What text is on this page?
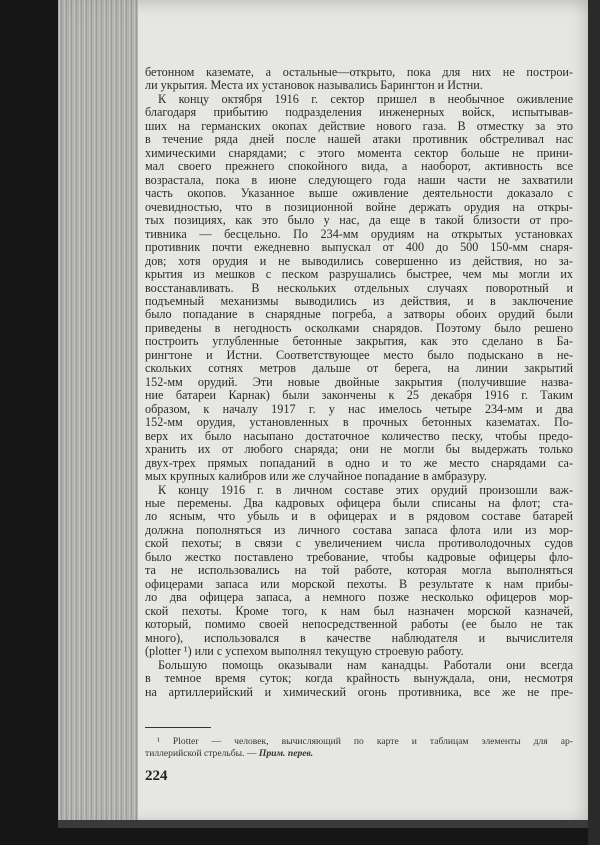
бетонном каземате, а остальные—открыто, пока для них не построи-
ли укрытия. Места их установок назывались Барингтон и Истни.
К концу октября 1916 г. сектор пришел в необычное оживление
благодаря прибытию подразделения инженерных войск, испытывав-
ших на германских окопах действие нового газа. В отместку за это
в течение ряда дней после нашей атаки противник обстреливал нас
химическими снарядами; с этого момента сектор больше не прини-
мал своего прежнего спокойного вида, а наоборот, активность все
возрастала, пока в июне следующего года наши части не захватили
часть окопов. Указанное выше оживление деятельности доказало с
очевидностью, что в позиционной войне держать орудия на откры-
тых позициях, как это было у нас, да еще в такой близости от про-
тивника — бесцельно. По 234-мм орудиям на открытых установках
противник почти ежедневно выпускал от 400 до 500 150-мм снаря-
дов; хотя орудия и не выводились совершенно из действия, но за-
крытия из мешков с песком разрушались быстрее, чем мы могли их
восстанавливать. В нескольких отдельных случаях поворотный и
подъемный механизмы выводились из действия, и в заключение
было попадание в снарядные погреба, а затворы обоих орудий были
приведены в негодность осколками снарядов. Поэтому было решено
построить углубленные бетонные закрытия, как это сделано в Ба-
рингтоне и Истни. Соответствующее место было подыскано в не-
скольких сотнях метров дальше от берега, на линии закрытий
152-мм орудий. Эти новые двойные закрытия (получившие назва-
ние батареи Карнак) были закончены к 25 декабря 1916 г. Таким
образом, к началу 1917 г. у нас имелось четыре 234-мм и два
152-мм орудия, установленных в прочных бетонных казематах. По-
верх их было насыпано достаточное количество песку, чтобы предо-
хранить их от любого снаряда; они не могли бы выдержать только
двух-трех прямых попаданий в одно и то же место снарядами са-
мых крупных калибров или же случайное попадание в амбразуру.
К концу 1916 г. в личном составе этих орудий произошли важ-
ные перемены. Два кадровых офицера были списаны на флот; ста-
ло ясным, что убыль и в офицерах и в рядовом составе батарей
должна пополняться из личного состава запаса флота или из мор-
ской пехоты; в связи с увеличением числа противолодочных судов
было жестко поставлено требование, чтобы кадровые офицеры фло-
та не использовались на той работе, которая могла выполняться
офицерами запаса или морской пехоты. В результате к нам прибы-
ло два офицера запаса, а немного позже несколько офицеров мор-
ской пехоты. Кроме того, к нам был назначен морской казначей,
который, помимо своей непосредственной работы (ее было не так
много), использовался в качестве наблюдателя и вычислителя
(plotter ¹) или с успехом выполнял текущую строевую работу.
Большую помощь оказывали нам канадцы. Работали они всегда
в темное время суток; когда крайность вынуждала, они, несмотря
на артиллерийский и химический огонь противника, все же не пре-
¹ Plotter — человек, вычисляющий по карте и таблицам элементы для ар-
тиллерийской стрельбы. — Прим. перев.
224
